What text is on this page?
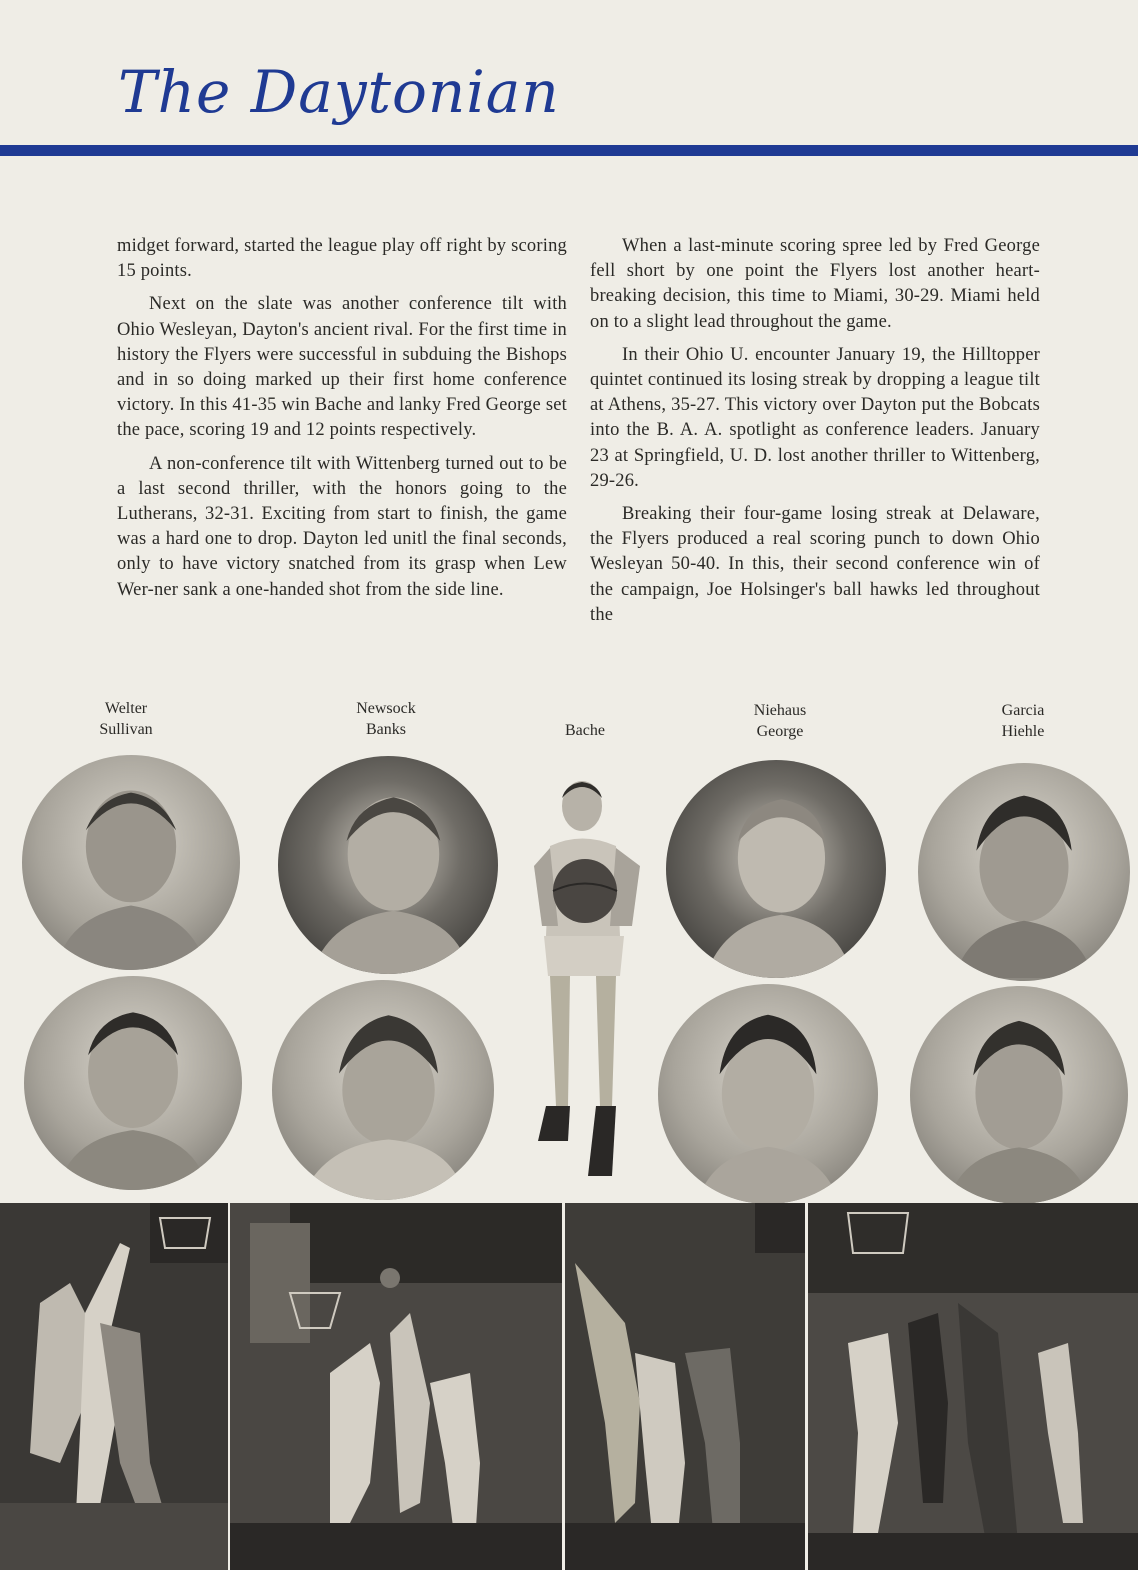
The Daytonian

midget forward, started the league play off right by scoring 15 points.

Next on the slate was another conference tilt with Ohio Wesleyan, Dayton's ancient rival. For the first time in history the Flyers were successful in subduing the Bishops and in so doing marked up their first home conference victory. In this 41-35 win Bache and lanky Fred George set the pace, scoring 19 and 12 points respectively.

A non-conference tilt with Wittenberg turned out to be a last second thriller, with the honors going to the Lutherans, 32-31. Exciting from start to finish, the game was a hard one to drop. Dayton led unitl the final seconds, only to have victory snatched from its grasp when Lew Wer-ner sank a one-handed shot from the side line.

When a last-minute scoring spree led by Fred George fell short by one point the Flyers lost another heart-breaking decision, this time to Miami, 30-29. Miami held on to a slight lead throughout the game.

In their Ohio U. encounter January 19, the Hilltopper quintet continued its losing streak by dropping a league tilt at Athens, 35-27. This victory over Dayton put the Bobcats into the B. A. A. spotlight as conference leaders. January 23 at Springfield, U. D. lost another thriller to Wittenberg, 29-26.

Breaking their four-game losing streak at Delaware, the Flyers produced a real scoring punch to down Ohio Wesleyan 50-40. In this, their second conference win of the campaign, Joe Holsinger's ball hawks led throughout the

Welter
Sullivan
Newsock
Banks	Bache
Niehaus
George
Garcia
Hiehle
